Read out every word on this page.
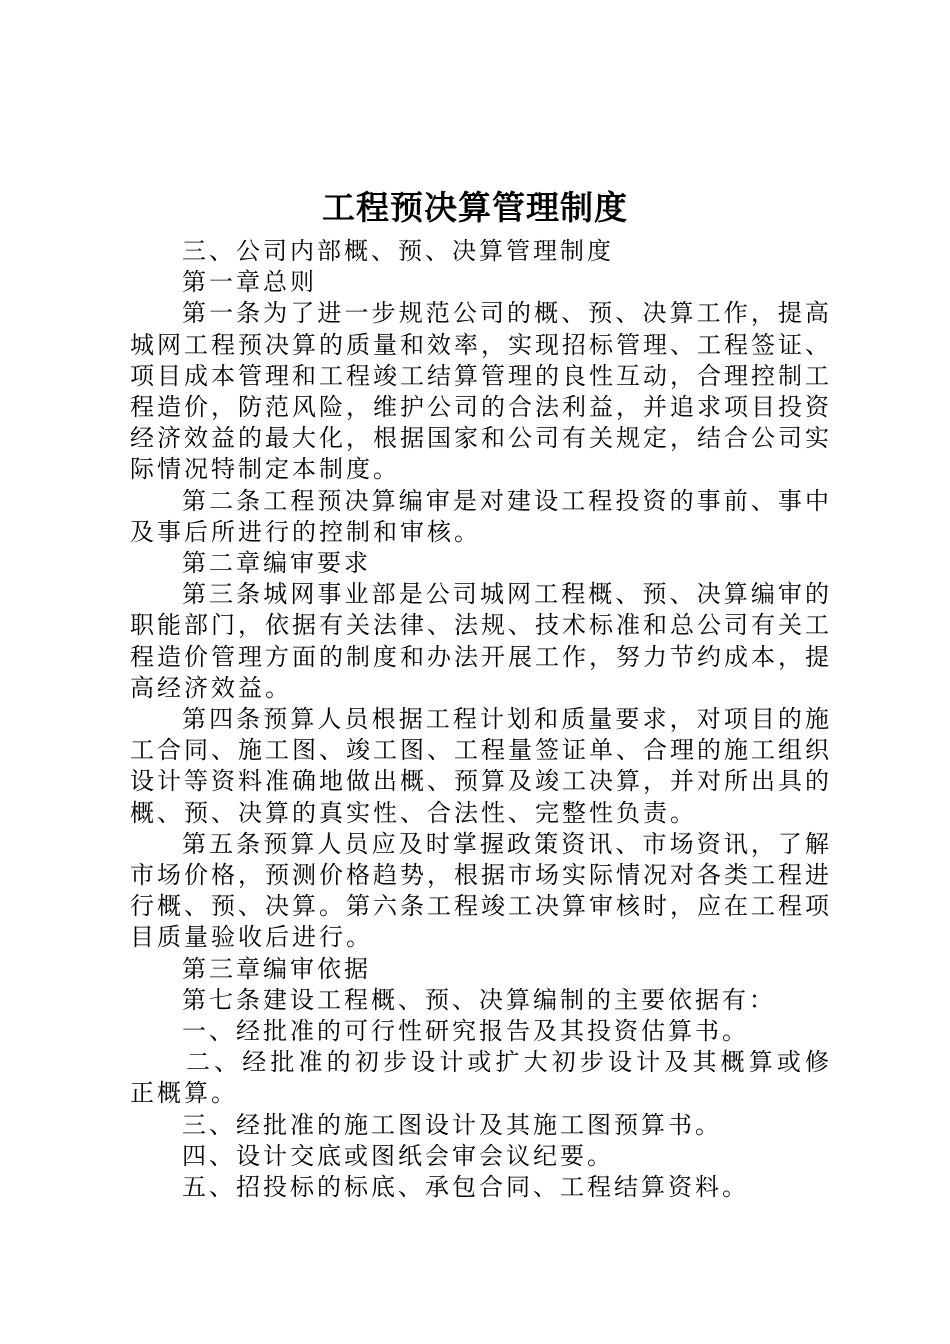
工程预决算管理制度

三、公司内部概、预、决算管理制度

第一章总则

第一条为了进一步规范公司的概、预、决算工作，提高城网工程预决算的质量和效率，实现招标管理、工程签证、项目成本管理和工程竣工结算管理的良性互动，合理控制工程造价，防范风险，维护公司的合法利益，并追求项目投资经济效益的最大化，根据国家和公司有关规定，结合公司实际情况特制定本制度。

第二条工程预决算编审是对建设工程投资的事前、事中及事后所进行的控制和审核。

第二章编审要求

第三条城网事业部是公司城网工程概、预、决算编审的职能部门，依据有关法律、法规、技术标准和总公司有关工程造价管理方面的制度和办法开展工作，努力节约成本，提高经济效益。

第四条预算人员根据工程计划和质量要求，对项目的施工合同、施工图、竣工图、工程量签证单、合理的施工组织设计等资料准确地做出概、预算及竣工决算，并对所出具的概、预、决算的真实性、合法性、完整性负责。

第五条预算人员应及时掌握政策资讯、市场资讯，了解市场价格，预测价格趋势，根据市场实际情况对各类工程进行概、预、决算。第六条工程竣工决算审核时，应在工程项目质量验收后进行。

第三章编审依据

第七条建设工程概、预、决算编制的主要依据有：

一、经批准的可行性研究报告及其投资估算书。

二、经批准的初步设计或扩大初步设计及其概算或修正概算。

三、经批准的施工图设计及其施工图预算书。

四、设计交底或图纸会审会议纪要。

五、招投标的标底、承包合同、工程结算资料。
